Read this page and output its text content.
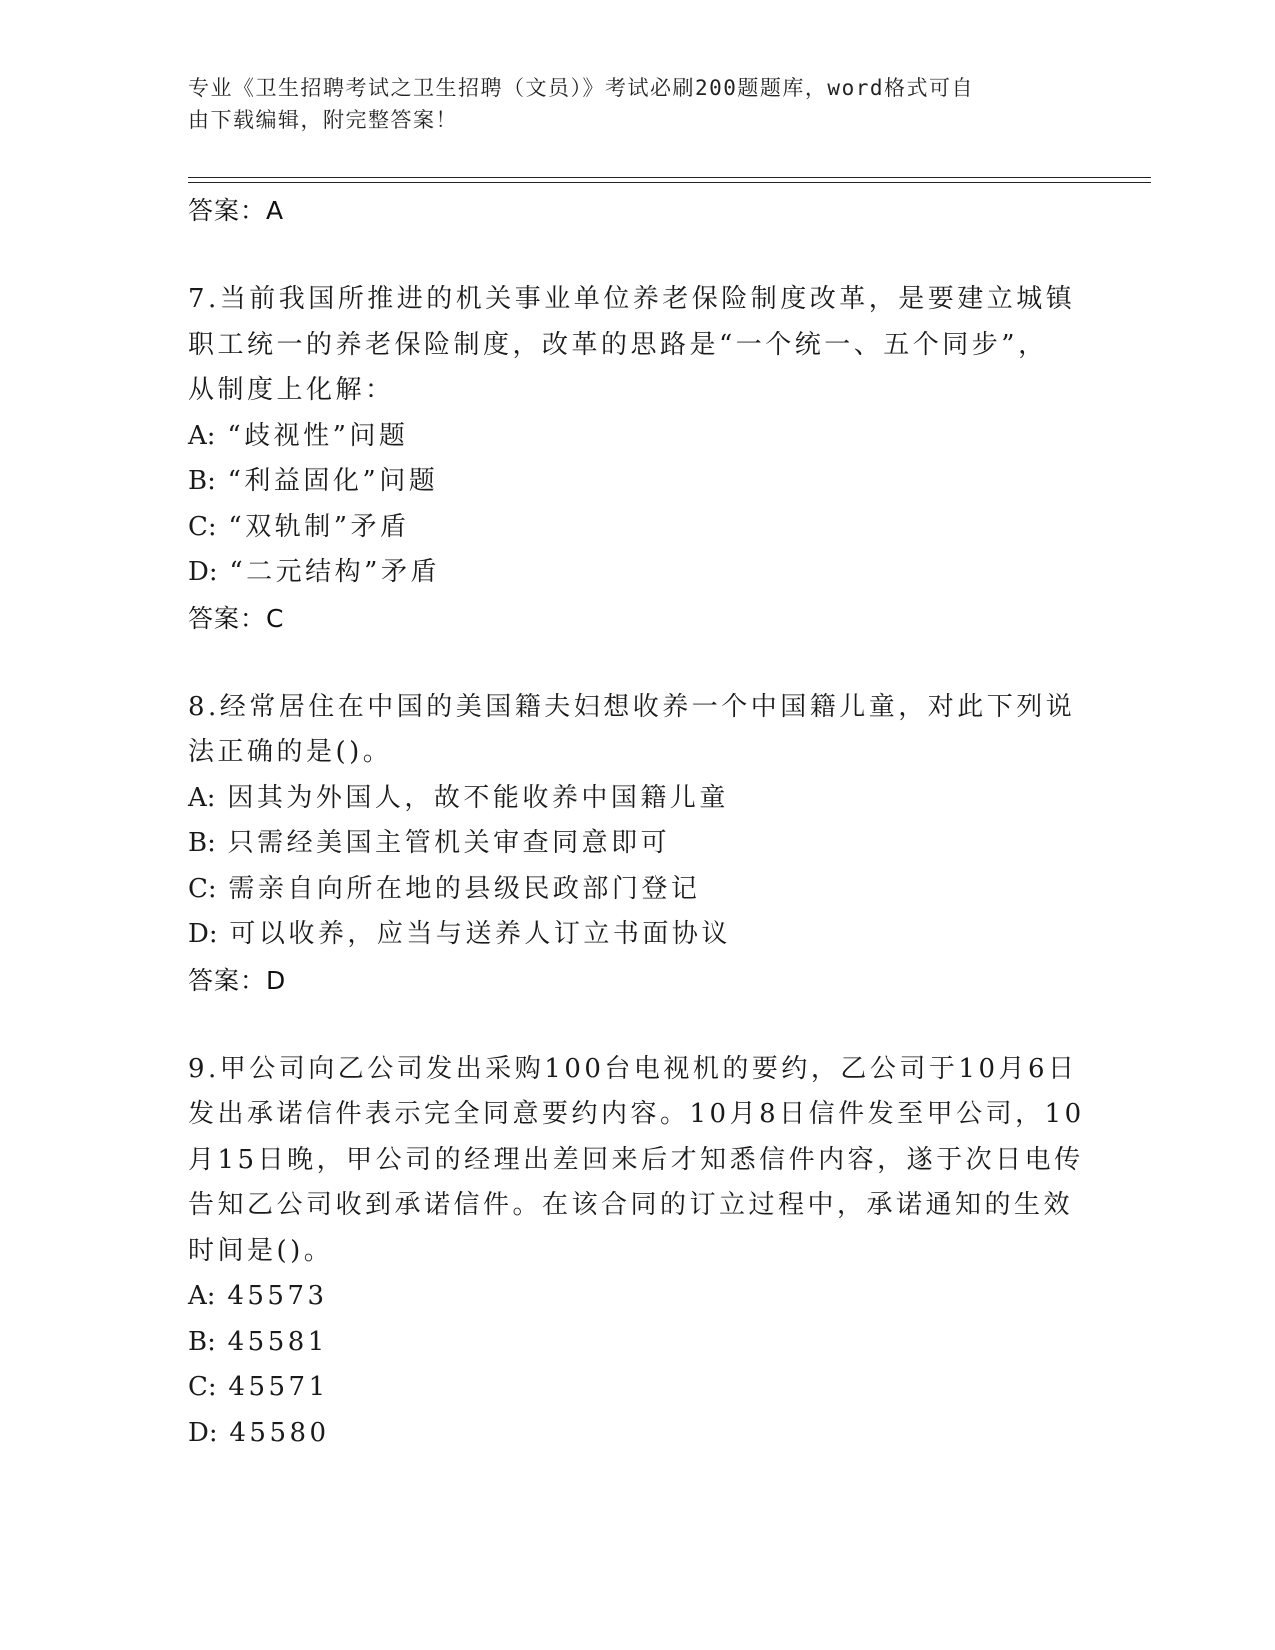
专业《卫生招聘考试之卫生招聘（文员）》考试必刷200题题库，word格式可自
由下载编辑，附完整答案！
答案：A
7.当前我国所推进的机关事业单位养老保险制度改革，是要建立城镇
职工统一的养老保险制度，改革的思路是“一个统一、五个同步”，
从制度上化解：
A: “歧视性”问题
B: “利益固化”问题
C: “双轨制”矛盾
D: “二元结构”矛盾
答案：C
8.经常居住在中国的美国籍夫妇想收养一个中国籍儿童，对此下列说
法正确的是()。
A: 因其为外国人，故不能收养中国籍儿童
B: 只需经美国主管机关审查同意即可
C: 需亲自向所在地的县级民政部门登记
D: 可以收养，应当与送养人订立书面协议
答案：D
9.甲公司向乙公司发出采购100台电视机的要约，乙公司于10月6日
发出承诺信件表示完全同意要约内容。10月8日信件发至甲公司，10
月15日晚，甲公司的经理出差回来后才知悉信件内容，遂于次日电传
告知乙公司收到承诺信件。在该合同的订立过程中，承诺通知的生效
时间是()。
A: 45573
B: 45581
C: 45571
D: 45580
